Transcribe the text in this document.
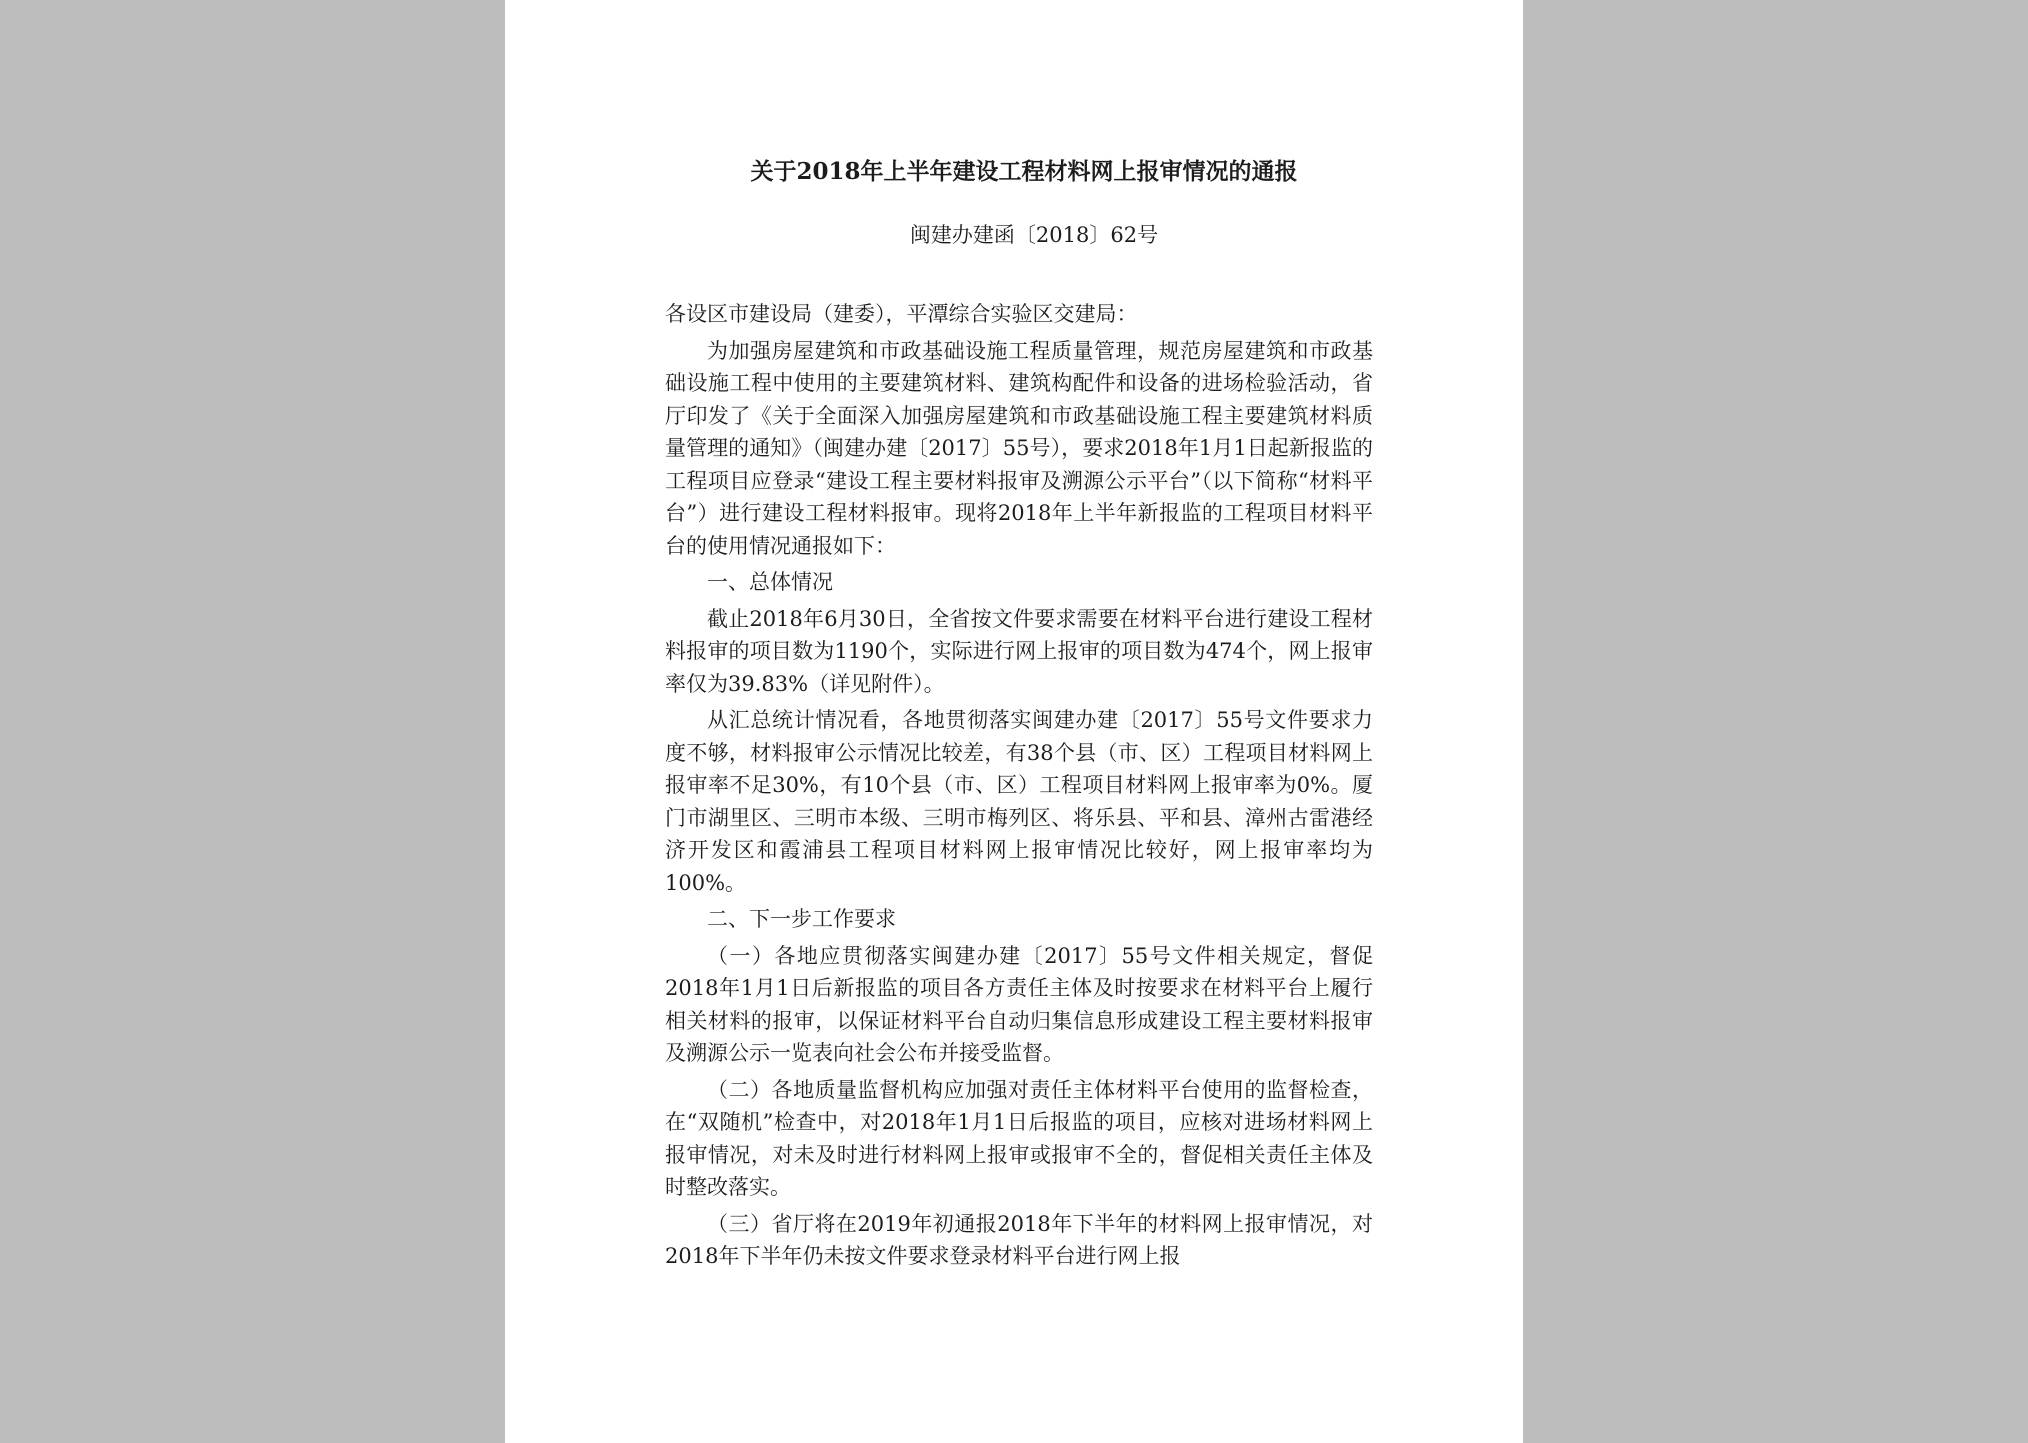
关于2018年上半年建设工程材料网上报审情况的通报
闽建办建函〔2018〕62号

各设区市建设局（建委），平潭综合实验区交建局：

为加强房屋建筑和市政基础设施工程质量管理，规范房屋建筑和市政基础设施工程中使用的主要建筑材料、建筑构配件和设备的进场检验活动，省厅印发了《关于全面深入加强房屋建筑和市政基础设施工程主要建筑材料质量管理的通知》（闽建办建〔2017〕55号），要求2018年1月1日起新报监的工程项目应登录“建设工程主要材料报审及溯源公示平台”（以下简称“材料平台”）进行建设工程材料报审。现将2018年上半年新报监的工程项目材料平台的使用情况通报如下：

一、总体情况

截止2018年6月30日，全省按文件要求需要在材料平台进行建设工程材料报审的项目数为1190个，实际进行网上报审的项目数为474个，网上报审率仅为39.83%（详见附件）。

从汇总统计情况看，各地贯彻落实闽建办建〔2017〕55号文件要求力度不够，材料报审公示情况比较差，有38个县（市、区）工程项目材料网上报审率不足30%，有10个县（市、区）工程项目材料网上报审率为0%。厦门市湖里区、三明市本级、三明市梅列区、将乐县、平和县、漳州古雷港经济开发区和霞浦县工程项目材料网上报审情况比较好，网上报审率均为100%。

二、下一步工作要求

（一）各地应贯彻落实闽建办建〔2017〕55号文件相关规定，督促2018年1月1日后新报监的项目各方责任主体及时按要求在材料平台上履行相关材料的报审，以保证材料平台自动归集信息形成建设工程主要材料报审及溯源公示一览表向社会公布并接受监督。

（二）各地质量监督机构应加强对责任主体材料平台使用的监督检查，在“双随机”检查中，对2018年1月1日后报监的项目，应核对进场材料网上报审情况，对未及时进行材料网上报审或报审不全的，督促相关责任主体及时整改落实。

（三）省厅将在2019年初通报2018年下半年的材料网上报审情况，对2018年下半年仍未按文件要求登录材料平台进行网上报
